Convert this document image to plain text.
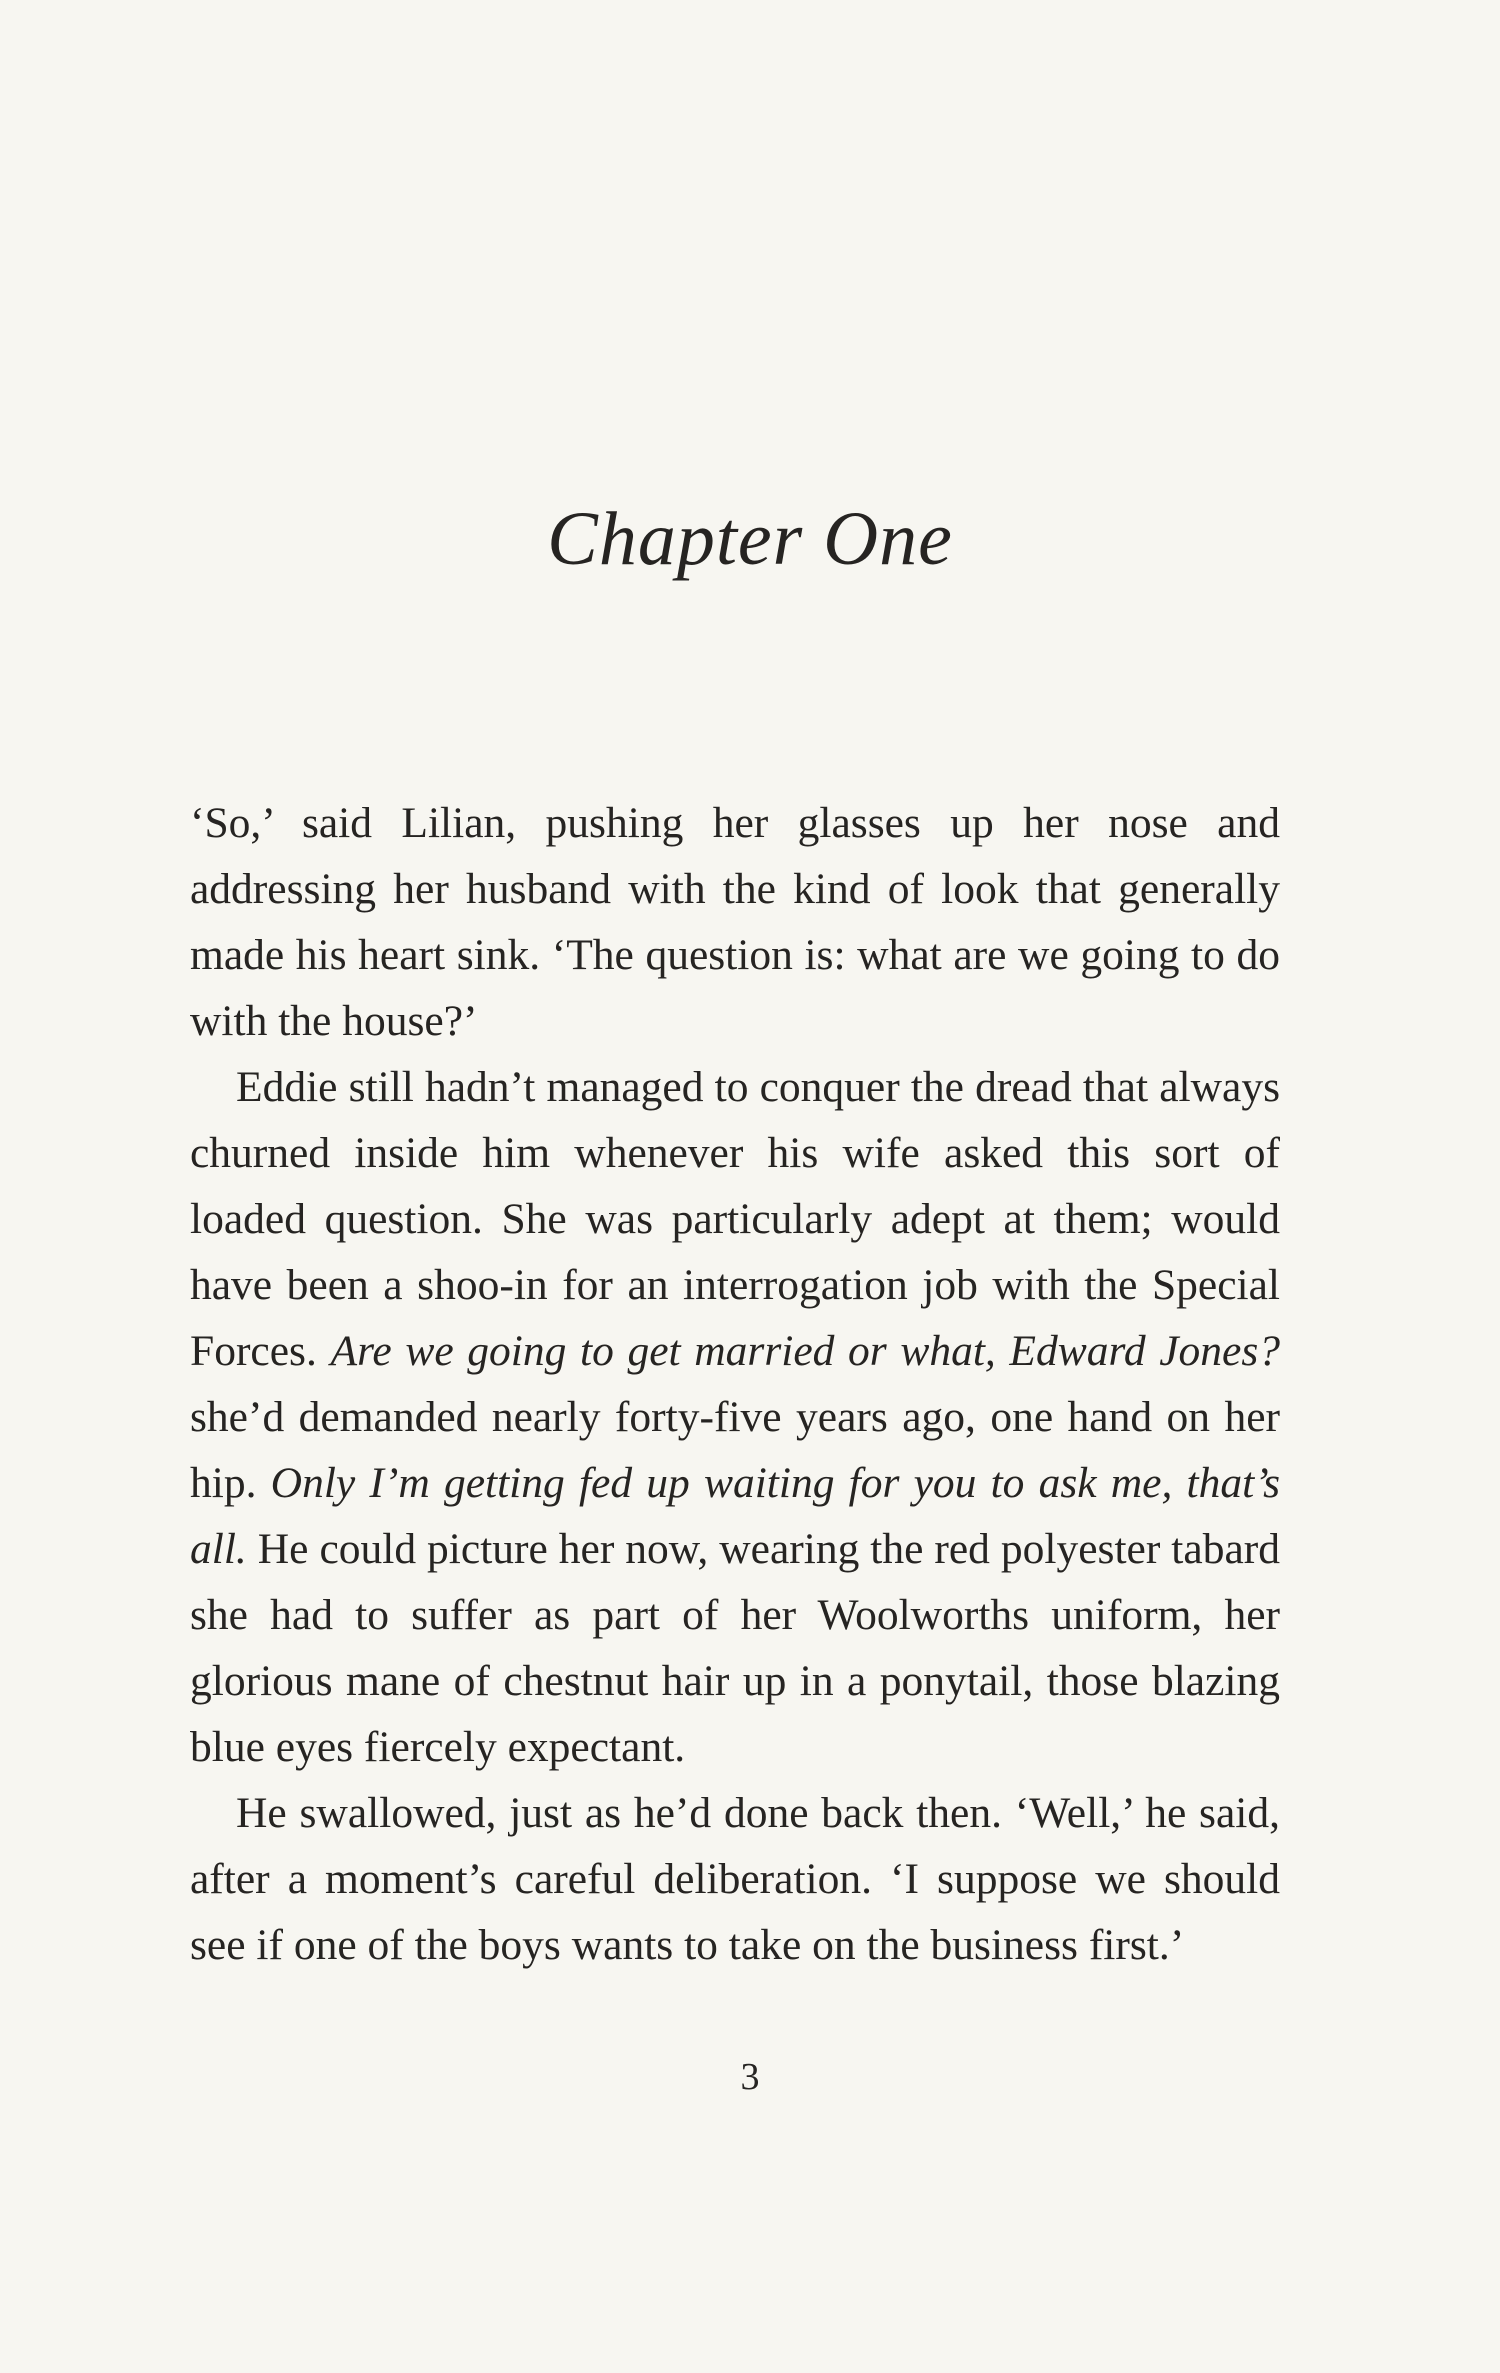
Chapter One

‘So,’ said Lilian, pushing her glasses up her nose and addressing her husband with the kind of look that generally made his heart sink. ‘The question is: what are we going to do with the house?’

Eddie still hadn’t managed to conquer the dread that always churned inside him whenever his wife asked this sort of loaded question. She was particularly adept at them; would have been a shoo-in for an interrogation job with the Special Forces. Are we going to get married or what, Edward Jones? she’d demanded nearly forty-five years ago, one hand on her hip. Only I’m getting fed up waiting for you to ask me, that’s all. He could picture her now, wearing the red polyester tabard she had to suffer as part of her Woolworths uniform, her glorious mane of chestnut hair up in a ponytail, those blazing blue eyes fiercely expectant.

He swallowed, just as he’d done back then. ‘Well,’ he said, after a moment’s careful deliberation. ‘I suppose we should see if one of the boys wants to take on the business first.’

3
